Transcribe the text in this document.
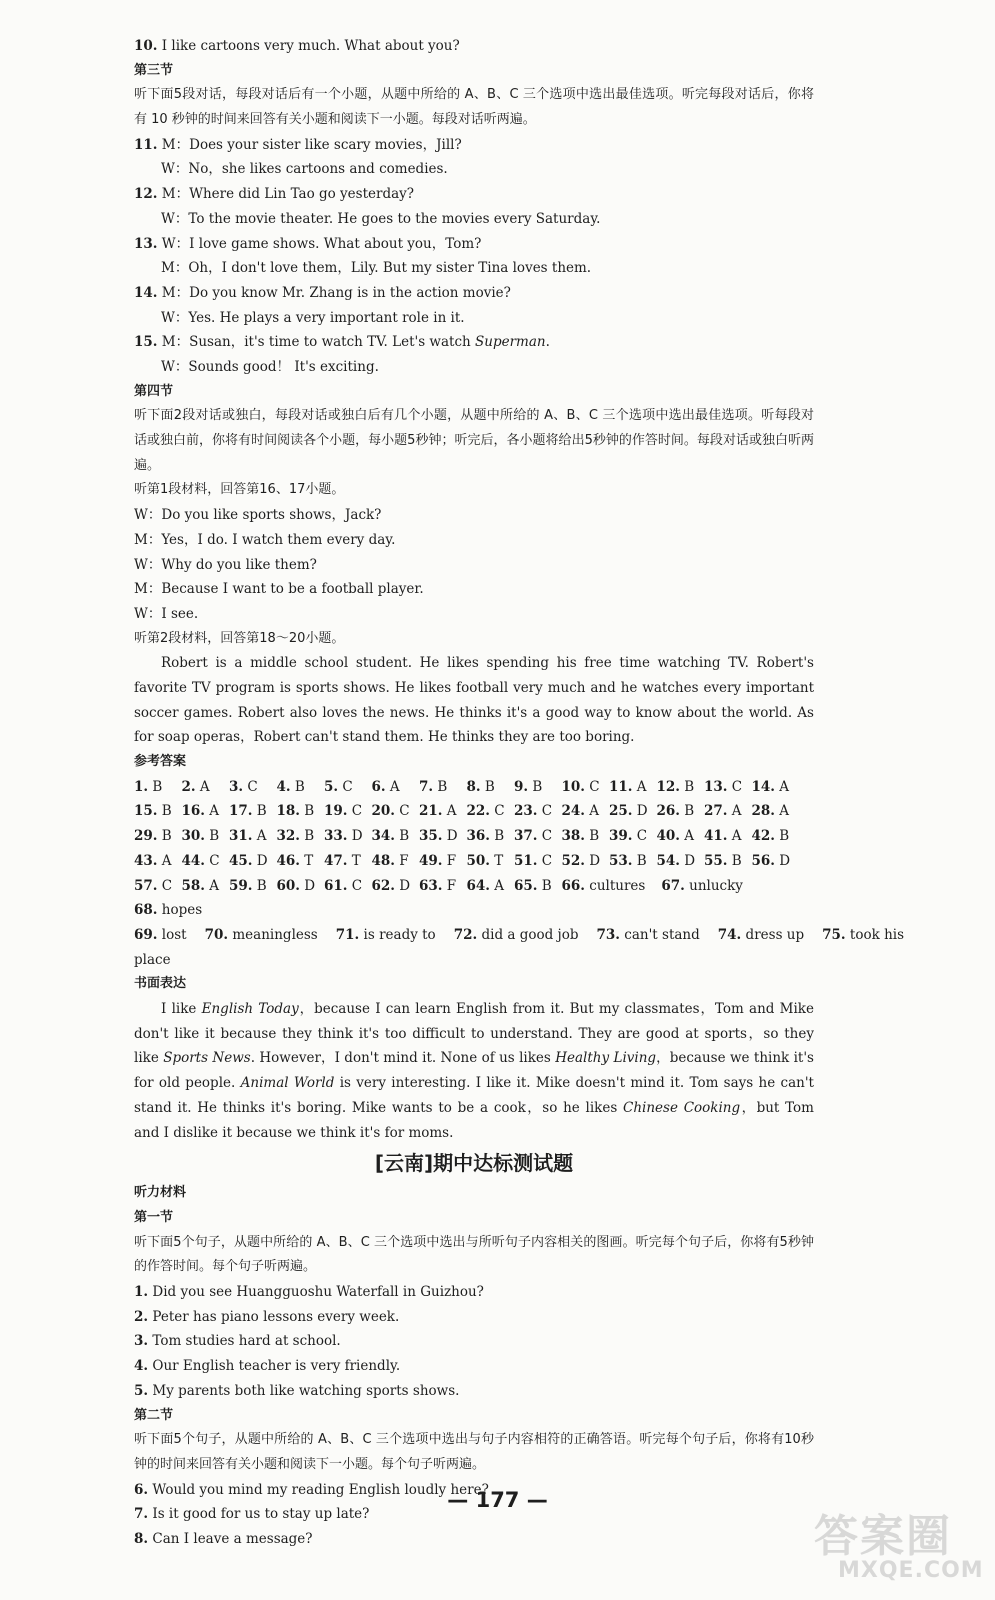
10. I like cartoons very much. What about you?
第三节
听下面5段对话，每段对话后有一个小题，从题中所给的 A、B、C 三个选项中选出最佳选项。听完每段对话后，你将有 10 秒钟的时间来回答有关小题和阅读下一小题。每段对话听两遍。
11. M：Does your sister like scary movies，Jill?
W：No，she likes cartoons and comedies.
12. M：Where did Lin Tao go yesterday?
W：To the movie theater. He goes to the movies every Saturday.
13. W：I love game shows. What about you，Tom?
M：Oh，I don't love them，Lily. But my sister Tina loves them.
14. M：Do you know Mr. Zhang is in the action movie?
W：Yes. He plays a very important role in it.
15. M：Susan，it's time to watch TV. Let's watch Superman.
W：Sounds good！ It's exciting.
第四节
听下面2段对话或独白，每段对话或独白后有几个小题，从题中所给的 A、B、C 三个选项中选出最佳选项。听每段对话或独白前，你将有时间阅读各个小题，每小题5秒钟；听完后，各小题将给出5秒钟的作答时间。每段对话或独白听两遍。
听第1段材料，回答第16、17小题。
W：Do you like sports shows，Jack?
M：Yes，I do. I watch them every day.
W：Why do you like them?
M：Because I want to be a football player.
W：I see.
听第2段材料，回答第18～20小题。
Robert is a middle school student. He likes spending his free time watching TV. Robert's favorite TV program is sports shows. He likes football very much and he watches every important soccer games. Robert also loves the news. He thinks it's a good way to know about the world. As for soap operas，Robert can't stand them. He thinks they are too boring.
参考答案
1. B	2. A	3. C	4. B	5. C	6. A	7. B	8. B	9. B	10. C 11. A 12. B 13. C 14. A
15. B 16. A 17. B 18. B 19. C 20. C 21. A 22. C 23. C 24. A 25. D 26. B 27. A 28. A
29. B 30. B 31. A 32. B 33. D 34. B 35. D 36. B 37. C 38. B 39. C 40. A 41. A 42. B
43. A 44. C 45. D 46. T 47. T 48. F 49. F 50. T 51. C 52. D 53. B 54. D 55. B 56. D
57. C 58. A 59. B 60. D 61. C 62. D 63. F 64. A 65. B 66. cultures 67. unlucky
68. hopes
69. lost 70. meaningless 71. is ready to 72. did a good job 73. can't stand 74. dress up 75. took his
place
书面表达
I like English Today，because I can learn English from it. But my classmates，Tom and Mike don't like it because they think it's too difficult to understand. They are good at sports，so they like Sports News. However，I don't mind it. None of us likes Healthy Living，because we think it's for old people. Animal World is very interesting. I like it. Mike doesn't mind it. Tom says he can't stand it. He thinks it's boring. Mike wants to be a cook，so he likes Chinese Cooking，but Tom and I dislike it because we think it's for moms.
[云南]期中达标测试题
听力材料
第一节
听下面5个句子，从题中所给的 A、B、C 三个选项中选出与所听句子内容相关的图画。听完每个句子后，你将有5秒钟的作答时间。每个句子听两遍。
1. Did you see Huangguoshu Waterfall in Guizhou?
2. Peter has piano lessons every week.
3. Tom studies hard at school.
4. Our English teacher is very friendly.
5. My parents both like watching sports shows.
第二节
听下面5个句子，从题中所给的 A、B、C 三个选项中选出与句子内容相符的正确答语。听完每个句子后，你将有10秒钟的时间来回答有关小题和阅读下一小题。每个句子听两遍。
6. Would you mind my reading English loudly here?
7. Is it good for us to stay up late?
8. Can I leave a message?
— 177 —
答案圈
MXQE.COM
